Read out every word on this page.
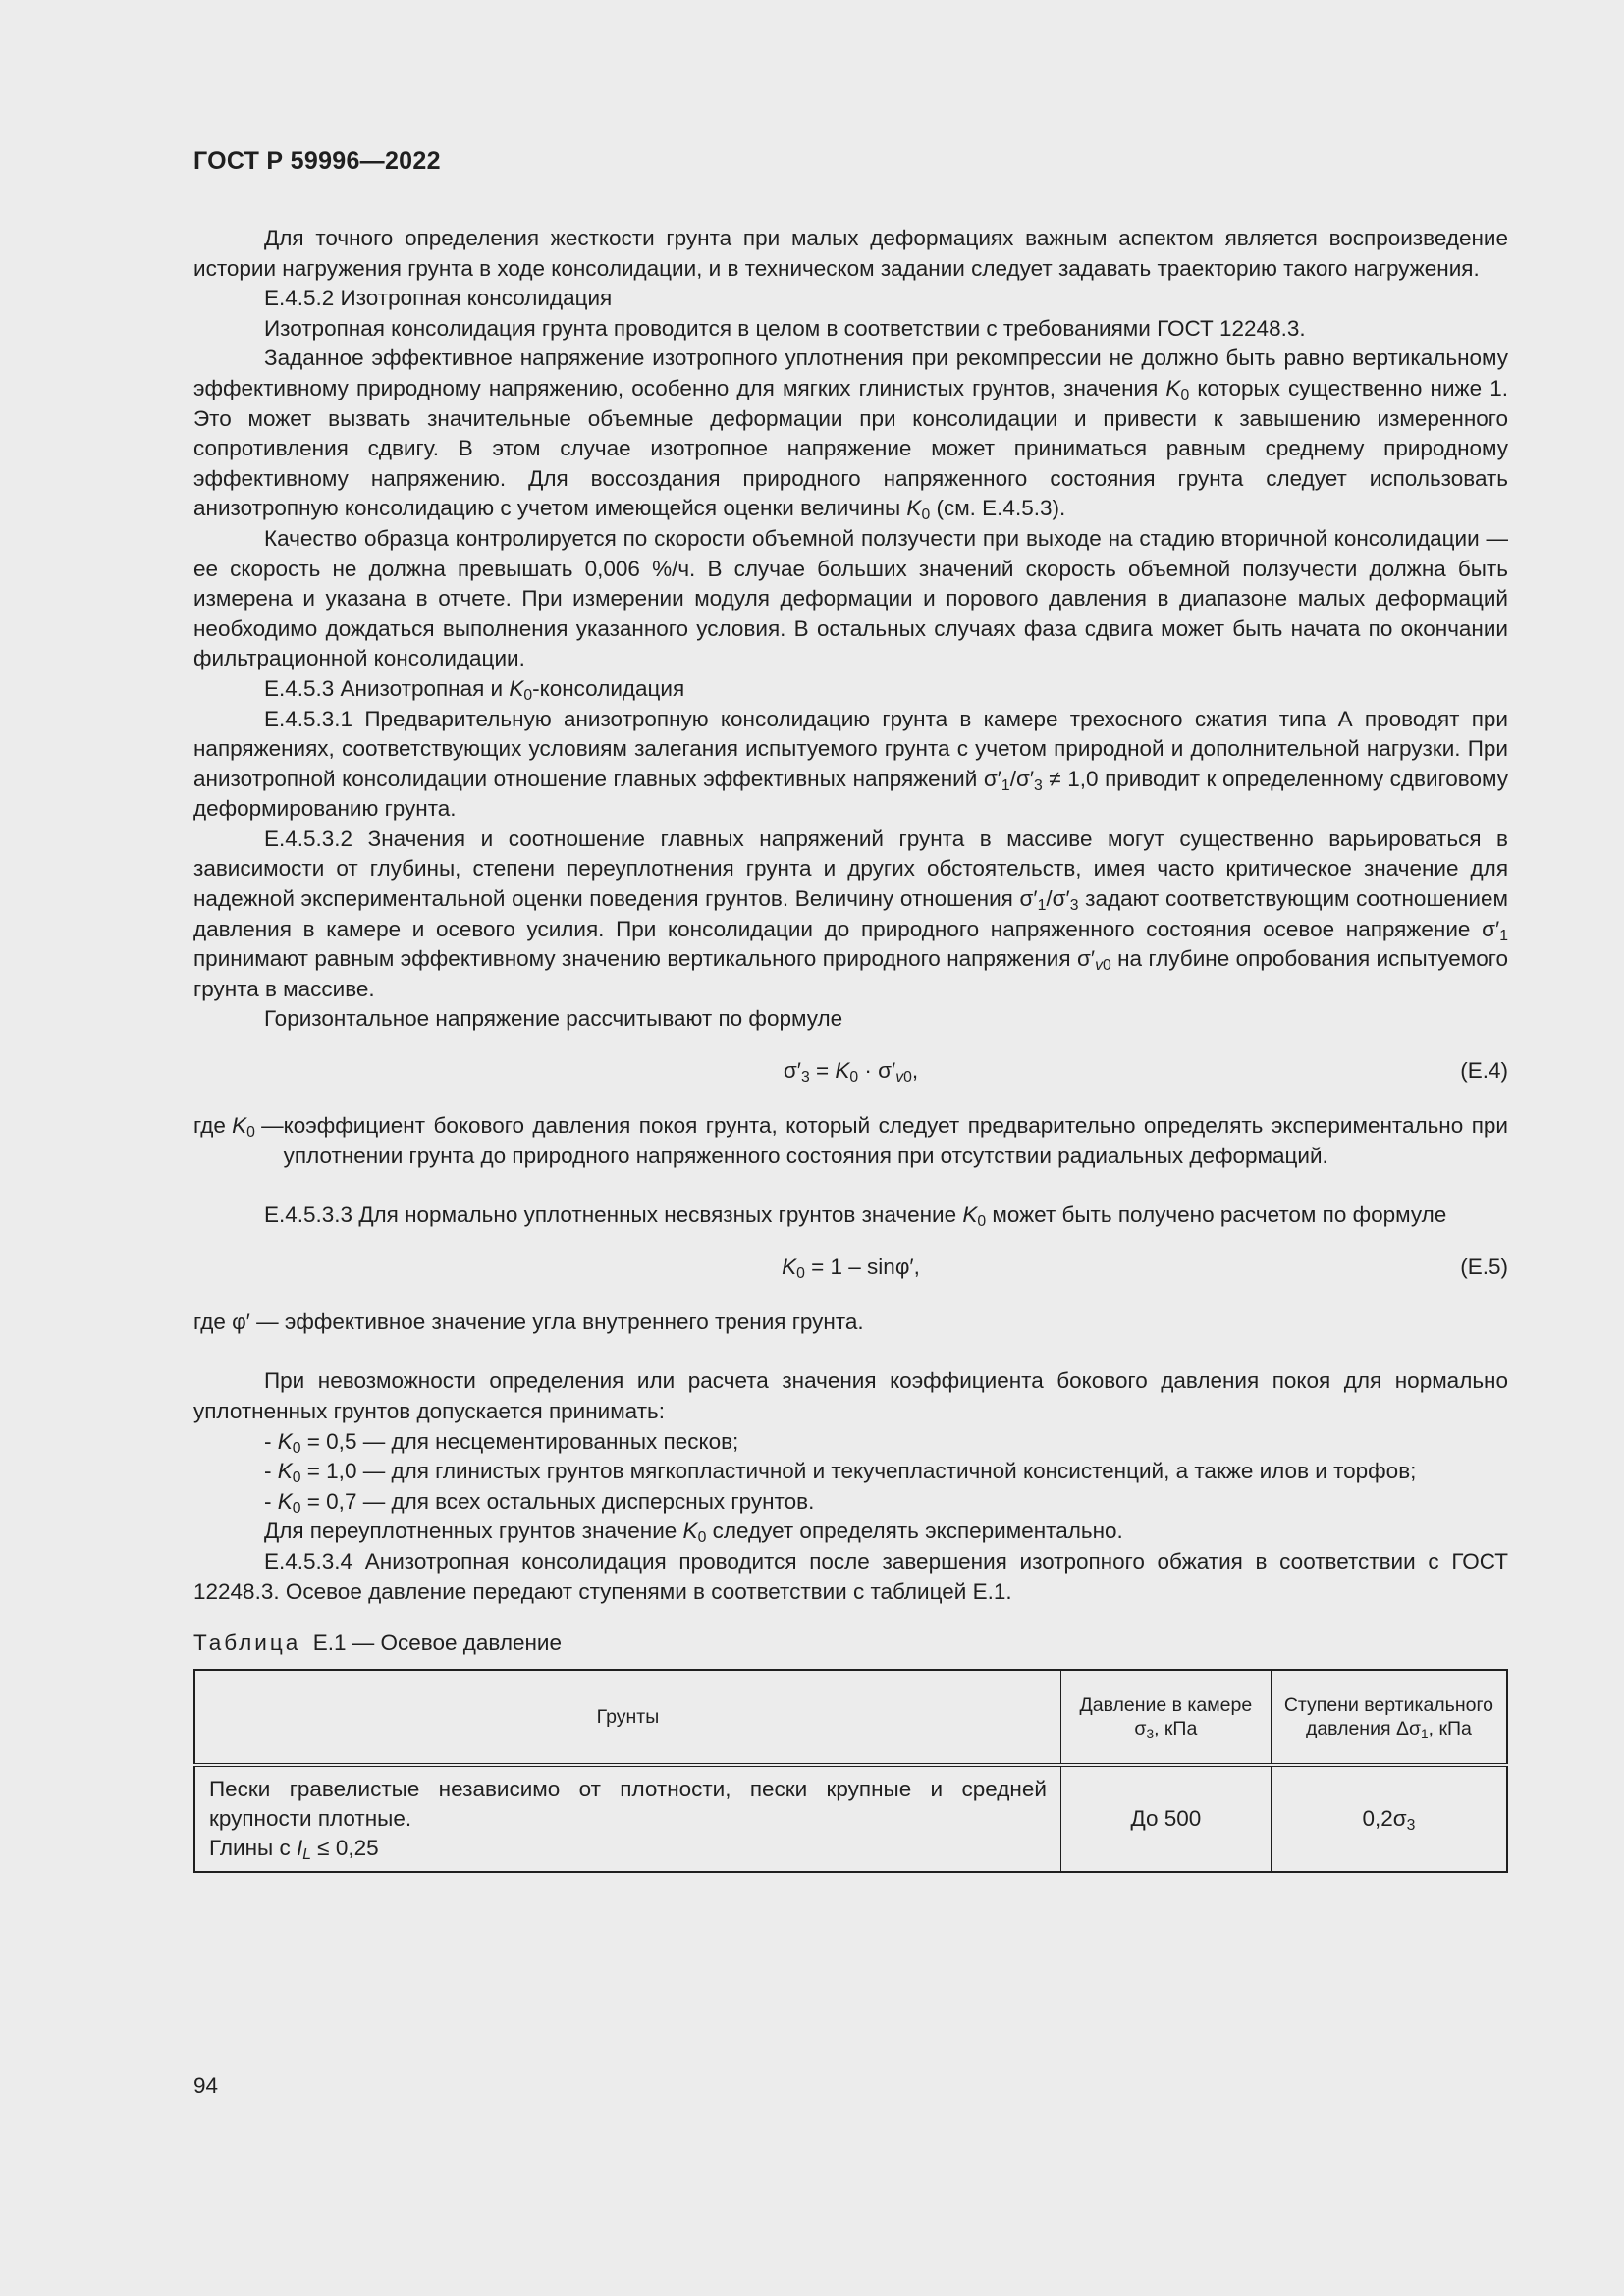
ГОСТ Р 59996—2022

Для точного определения жесткости грунта при малых деформациях важным аспектом является воспроизведение истории нагружения грунта в ходе консолидации, и в техническом задании следует задавать траекторию такого нагружения.

Е.4.5.2 Изотропная консолидация

Изотропная консолидация грунта проводится в целом в соответствии с требованиями ГОСТ 12248.3.

Заданное эффективное напряжение изотропного уплотнения при рекомпрессии не должно быть равно вертикальному эффективному природному напряжению, особенно для мягких глинистых грунтов, значения $K_0$ которых существенно ниже 1. Это может вызвать значительные объемные деформации при консолидации и привести к завышению измеренного сопротивления сдвигу. В этом случае изотропное напряжение может приниматься равным среднему природному эффективному напряжению. Для воссоздания природного напряженного состояния грунта следует использовать анизотропную консолидацию с учетом имеющейся оценки величины $K_0$ (см. Е.4.5.3).

Качество образца контролируется по скорости объемной ползучести при выходе на стадию вторичной консолидации — ее скорость не должна превышать 0,006 %/ч. В случае больших значений скорость объемной ползучести должна быть измерена и указана в отчете. При измерении модуля деформации и порового давления в диапазоне малых деформаций необходимо дождаться выполнения указанного условия. В остальных случаях фаза сдвига может быть начата по окончании фильтрационной консолидации.

Е.4.5.3 Анизотропная и $K_0$-консолидация

Е.4.5.3.1 Предварительную анизотропную консолидацию грунта в камере трехосного сжатия типа А проводят при напряжениях, соответствующих условиям залегания испытуемого грунта с учетом природной и дополнительной нагрузки. При анизотропной консолидации отношение главных эффективных напряжений $\sigma'_1/\sigma'_3 \ne 1,0$ приводит к определенному сдвиговому деформированию грунта.

Е.4.5.3.2 Значения и соотношение главных напряжений грунта в массиве могут существенно варьироваться в зависимости от глубины, степени переуплотнения грунта и других обстоятельств, имея часто критическое значение для надежной экспериментальной оценки поведения грунтов. Величину отношения $\sigma'_1/\sigma'_3$ задают соответствующим соотношением давления в камере и осевого усилия. При консолидации до природного напряженного состояния осевое напряжение $\sigma'_1$ принимают равным эффективному значению вертикального природного напряжения $\sigma'_{v0}$ на глубине опробования испытуемого грунта в массиве.

Горизонтальное напряжение рассчитывают по формуле

$\sigma'_3 = K_0 \cdot \sigma'_{v0}$,	(Е.4)
где $K_0$ — коэффициент бокового давления покоя грунта, который следует предварительно определять экспериментально при уплотнении грунта до природного напряженного состояния при отсутствии радиальных деформаций.

Е.4.5.3.3 Для нормально уплотненных несвязных грунтов значение $K_0$ может быть получено расчетом по формуле

$K_0 = 1 - \sin\varphi'$,	(Е.5)

где φ′ — эффективное значение угла внутреннего трения грунта.

При невозможности определения или расчета значения коэффициента бокового давления покоя для нормально уплотненных грунтов допускается принимать:

- $K_0 = 0,5$ — для несцементированных песков;

- $K_0 = 1,0$ — для глинистых грунтов мягкопластичной и текучепластичной консистенций, а также илов и торфов;

- $K_0 = 0,7$ — для всех остальных дисперсных грунтов.

Для переуплотненных грунтов значение $K_0$ следует определять экспериментально.

Е.4.5.3.4 Анизотропная консолидация проводится после завершения изотропного обжатия в соответствии с ГОСТ 12248.3. Осевое давление передают ступенями в соответствии с таблицей Е.1.

Таблица Е.1 — Осевое давление

Грунты	Давление в камере $\sigma_3$, кПа	Ступени вертикального давления $\Delta\sigma_1$, кПа
Пески гравелистые независимо от плотности, пески крупные и средней крупности плотные.
Глины с $I_L \le 0,25$	До 500	$0,2\sigma_3$
94
